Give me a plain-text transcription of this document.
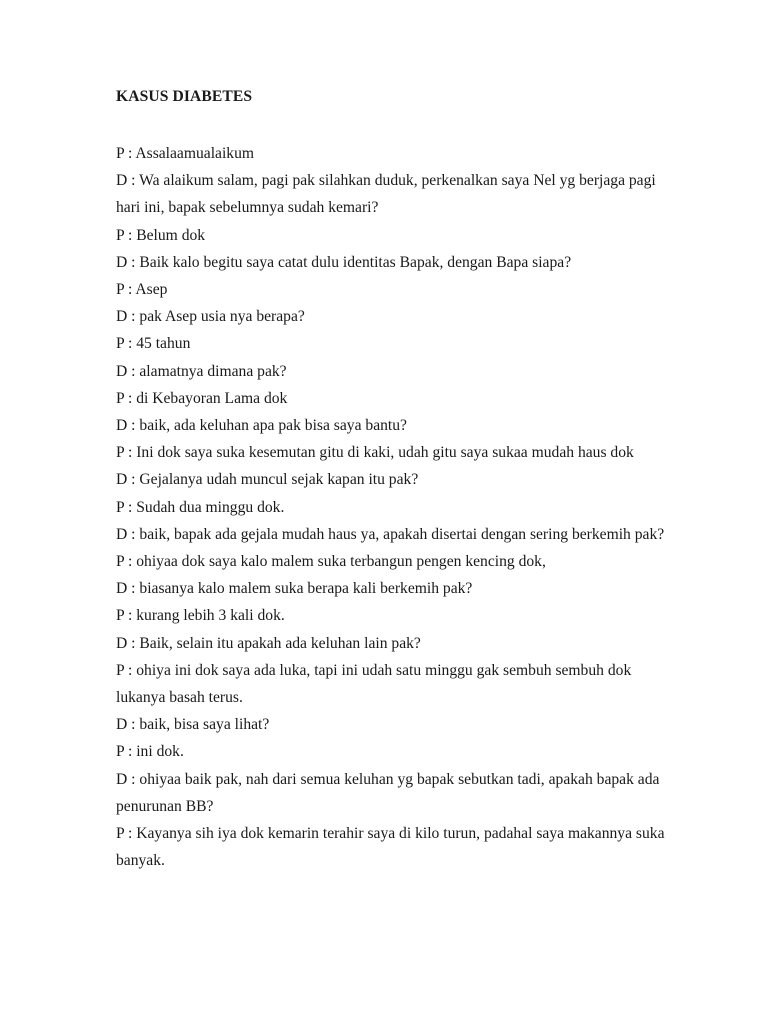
KASUS DIABETES

P : Assalaamualaikum

D : Wa alaikum salam, pagi pak silahkan duduk, perkenalkan saya Nel yg berjaga pagi hari ini, bapak sebelumnya sudah kemari?

P : Belum dok

D : Baik kalo begitu saya catat dulu identitas Bapak, dengan Bapa siapa?

P : Asep

D : pak Asep usia nya berapa?

P : 45 tahun

D : alamatnya dimana pak?

P : di Kebayoran Lama dok

D : baik, ada keluhan apa pak bisa saya bantu?

P : Ini dok saya suka kesemutan gitu di kaki, udah gitu saya sukaa mudah haus dok

D : Gejalanya udah muncul sejak kapan itu pak?

P : Sudah dua minggu dok.

D : baik, bapak ada gejala mudah haus ya, apakah disertai dengan sering berkemih pak?

P : ohiyaa dok saya kalo malem suka terbangun pengen kencing dok,

D : biasanya kalo malem suka berapa kali berkemih pak?

P : kurang lebih 3 kali dok.

D : Baik, selain itu apakah ada keluhan lain pak?

P : ohiya ini dok saya ada luka, tapi ini udah satu minggu gak sembuh sembuh dok lukanya basah terus.

D : baik, bisa saya lihat?

P : ini dok.

D : ohiyaa baik pak, nah dari semua keluhan yg bapak sebutkan tadi, apakah bapak ada penurunan BB?

P : Kayanya sih iya dok kemarin terahir saya di kilo turun, padahal saya makannya suka banyak.
